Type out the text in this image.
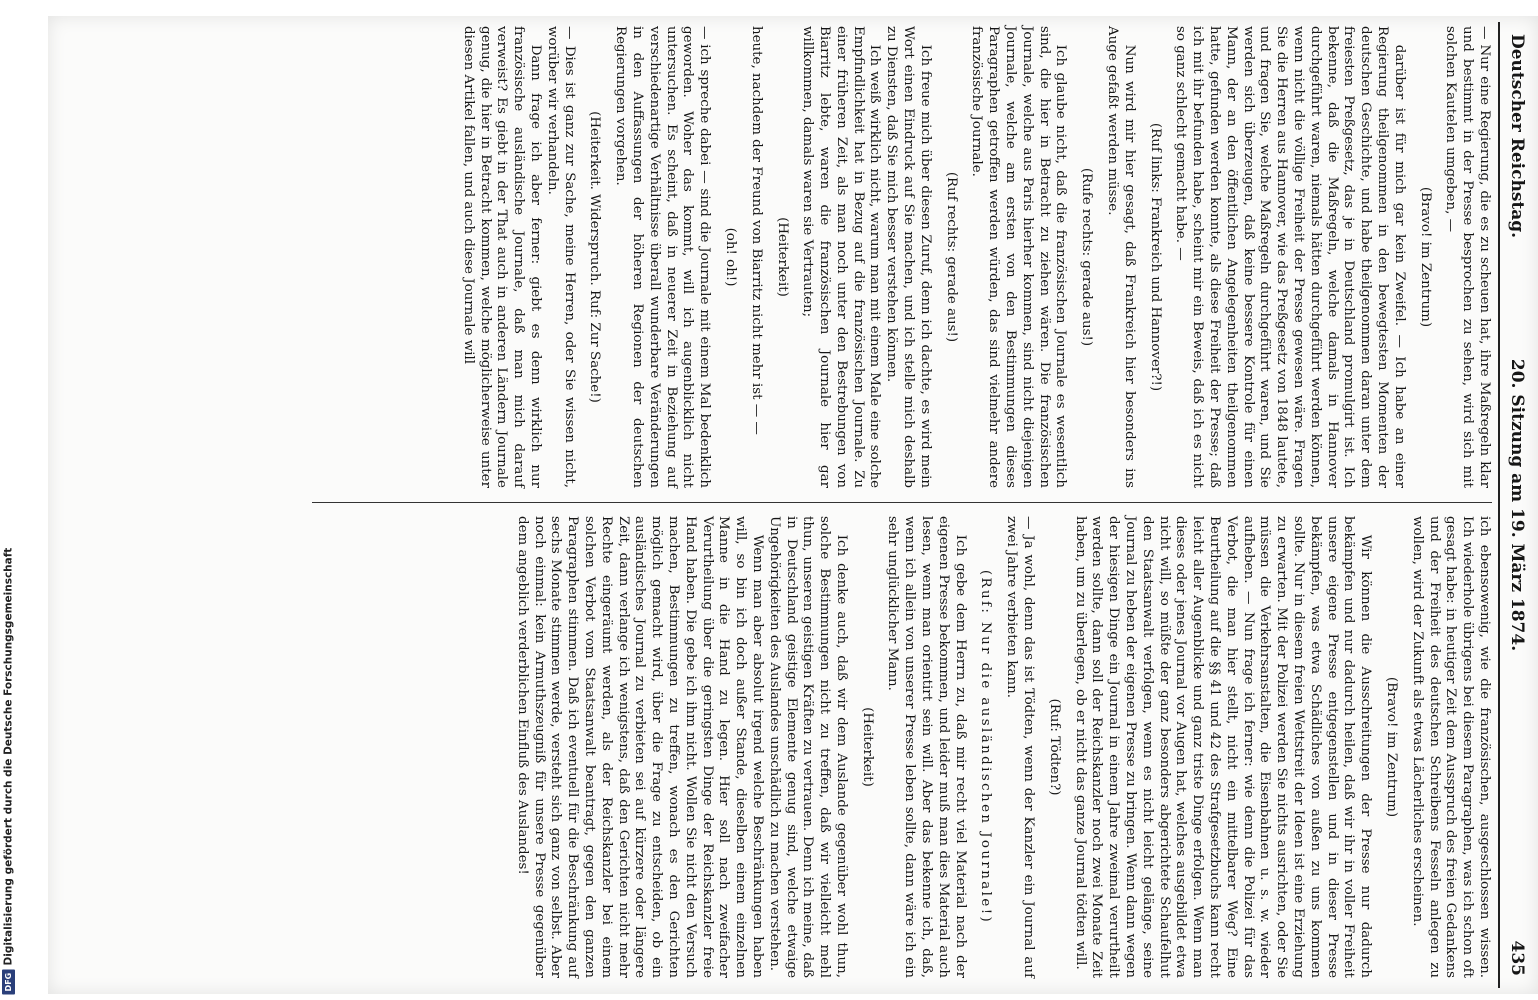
Deutscher Reichstag.
20. Sitzung am 19. März 1874.
435

— Nur eine Regierung, die es zu scheuen hat, ihre Maßregeln klar und bestimmt in der Presse besprochen zu sehen, wird sich mit solchen Kautelen umgeben, —

(Bravo! im Zentrum)

darüber ist für mich gar kein Zweifel. — Ich habe an einer Regierung theilgenommen in den bewegtesten Momenten der deutschen Geschichte, und habe theilgenommen daran unter dem freiesten Preßgesetz, das je in Deutschland promulgirt ist. Ich bekenne, daß die Maßregeln, welche damals in Hannover durchgeführt waren, niemals hätten durchgeführt werden können, wenn nicht die völlige Freiheit der Presse gewesen wäre. Fragen Sie die Herren aus Hannover, wie das Preßgesetz von 1848 lautete, und fragen Sie, welche Maßregeln durchgeführt waren, und Sie werden sich überzeugen, daß keine bessere Kontrole für einen Mann, der an den öffentlichen Angelegenheiten theilgenommen hatte, gefunden werden konnte, als diese Freiheit der Presse; daß ich mit ihr befunden habe, scheint mir ein Beweis, daß ich es nicht so ganz schlecht gemacht habe. —

(Ruf links: Frankreich und Hannover?!)

Nun wird mir hier gesagt, daß Frankreich hier besonders ins Auge gefaßt werden müsse.

(Rufe rechts: gerade aus!)

Ich glaube nicht, daß die französischen Journale es wesentlich sind, die hier in Betracht zu ziehen wären. Die französischen Journale, welche aus Paris hierher kommen, sind nicht diejenigen Journale, welche am ersten von den Bestimmungen dieses Paragraphen getroffen werden würden, das sind vielmehr andere französische Journale.

(Ruf rechts: gerade aus!)

Ich freue mich über diesen Zuruf, denn ich dachte, es wird mein Wort einen Eindruck auf Sie machen, und ich stelle mich deshalb zu Diensten, daß Sie mich besser verstehen können.

Ich weiß wirklich nicht, warum man mit einem Male eine solche Empfindlichkeit hat in Bezug auf die französischen Journale. Zu einer früheren Zeit, als man noch unter den Bestrebungen von Biarritz lebte, waren die französischen Journale hier gar willkommen, damals waren sie Vertrauten;

(Heiterkeit)

heute, nachdem der Freund von Biarritz nicht mehr ist — —

(oh! oh!)

— ich spreche dabei — sind die Journale mit einem Mal bedenklich geworden. Woher das kommt, will ich augenblicklich nicht untersuchen. Es scheint, daß in neuerer Zeit in Beziehung auf verschiedenartige Verhältnisse überall wunderbare Veränderungen in den Auffassungen der höheren Regionen der deutschen Regierungen vorgehen.

(Heiterkeit. Widerspruch. Ruf: Zur Sache!)

— Dies ist ganz zur Sache, meine Herren, oder Sie wissen nicht, worüber wir verhandeln.

Dann frage ich aber ferner: giebt es denn wirklich nur französische ausländische Journale, daß man mich darauf verweist? Es giebt in der That auch in anderen Ländern Journale genug, die hier in Betracht kommen, welche möglicherweise unter diesen Artikel fallen, und auch diese Journale will

ich ebensowenig, wie die französischen, ausgeschlossen wissen. Ich wiederhole übrigens bei diesem Paragraphen, was ich schon oft gesagt habe: in heutiger Zeit dem Ausspruch des freien Gedankens und der Freiheit des deutschen Schreibens Fesseln anlegen zu wollen, wird der Zukunft als etwas Lächerliches erscheinen.

(Bravo! im Zentrum)

Wir können die Ausschreitungen der Presse nur dadurch bekämpfen und nur dadurch heilen, daß wir ihr in voller Freiheit unsere eigene Presse entgegenstellen und in dieser Presse bekämpfen, was etwa Schädliches von außen zu uns kommen sollte. Nur in diesem freien Wettstreit der Ideen ist eine Erziehung zu erwarten. Mit der Polizei werden Sie nichts ausrichten, oder Sie müssen die Verkehrsanstalten, die Eisenbahnen u. s. w. wieder aufheben. — Nun frage ich ferner: wie denn die Polizei für das Verbot, die man hier stellt, nicht ein mittelbarer Weg? Eine Beurtheilung auf die §§ 41 und 42 des Strafgesetzbuchs kann recht leicht aller Augenblicke und ganz triste Dinge erfolgen. Wenn man dieses oder jenes Journal vor Augen hat, welches ausgebildet etwa nicht will, so müßte der ganz besonders abgerichtete Schaufelhut den Staatsanwalt verfolgen, wenn es nicht leicht gelänge, seine Journal zu heben der eigenen Presse zu bringen. Wenn dann wegen der hiesigen Dinge ein Journal in einem Jahre zweimal verurtheilt werden sollte, dann soll der Reichskanzler noch zwei Monate Zeit haben, um zu überlegen, ob er nicht das ganze Journal tödten will.

(Ruf: Tödten?)

— Ja wohl, denn das ist Tödten, wenn der Kanzler ein Journal auf zwei Jahre verbieten kann.

(Ruf: Nur die ausländischen Journale!)

Ich gebe dem Herrn zu, daß mir recht viel Material nach der eigenen Presse bekommen, und leider muß man dies Material auch lesen, wenn man orientirt sein will. Aber das bekenne ich, daß, wenn ich allein von unserer Presse leben sollte, dann wäre ich ein sehr unglücklicher Mann.

(Heiterkeit)

Ich denke auch, daß wir dem Auslande gegenüber wohl thun, solche Bestimmungen nicht zu treffen, daß wir vielleicht mehl thun, unseren geistigen Kräften zu vertrauen. Denn ich meine, daß in Deutschland geistige Elemente genug sind, welche etwaige Ungehörigkeiten des Auslandes unschädlich zu machen verstehen.

Wenn man aber absolut irgend welche Beschränkungen haben will, so bin ich doch außer Stande, dieselben einem einzelnen Manne in die Hand zu legen. Hier soll nach zweifacher Verurtheilung über die geringsten Dinge der Reichskanzler freie Hand haben. Die gebe ich ihm nicht. Wollen Sie nicht den Versuch machen, Bestimmungen zu treffen, wonach es den Gerichten möglich gemacht wird, über die Frage zu entscheiden, ob ein ausländisches Journal zu verbieten sei auf kürzere oder längere Zeit, dann verlange ich wenigstens, daß den Gerichten nicht mehr Rechte eingeräumt werden, als der Reichskanzler bei einem solchen Verbot vom Staatsanwalt beantragt, gegen den ganzen Paragraphen stimmen. Daß ich eventuell für die Beschränkung auf sechs Monate stimmen werde, versteht sich ganz von selbst. Aber noch einmal: kein Armuthszeugniß für unsere Presse gegenüber dem angeblich verderblichen Einfluß des Auslandes!

DFG
Digitalisierung gefördert durch die Deutsche Forschungsgemeinschaft
